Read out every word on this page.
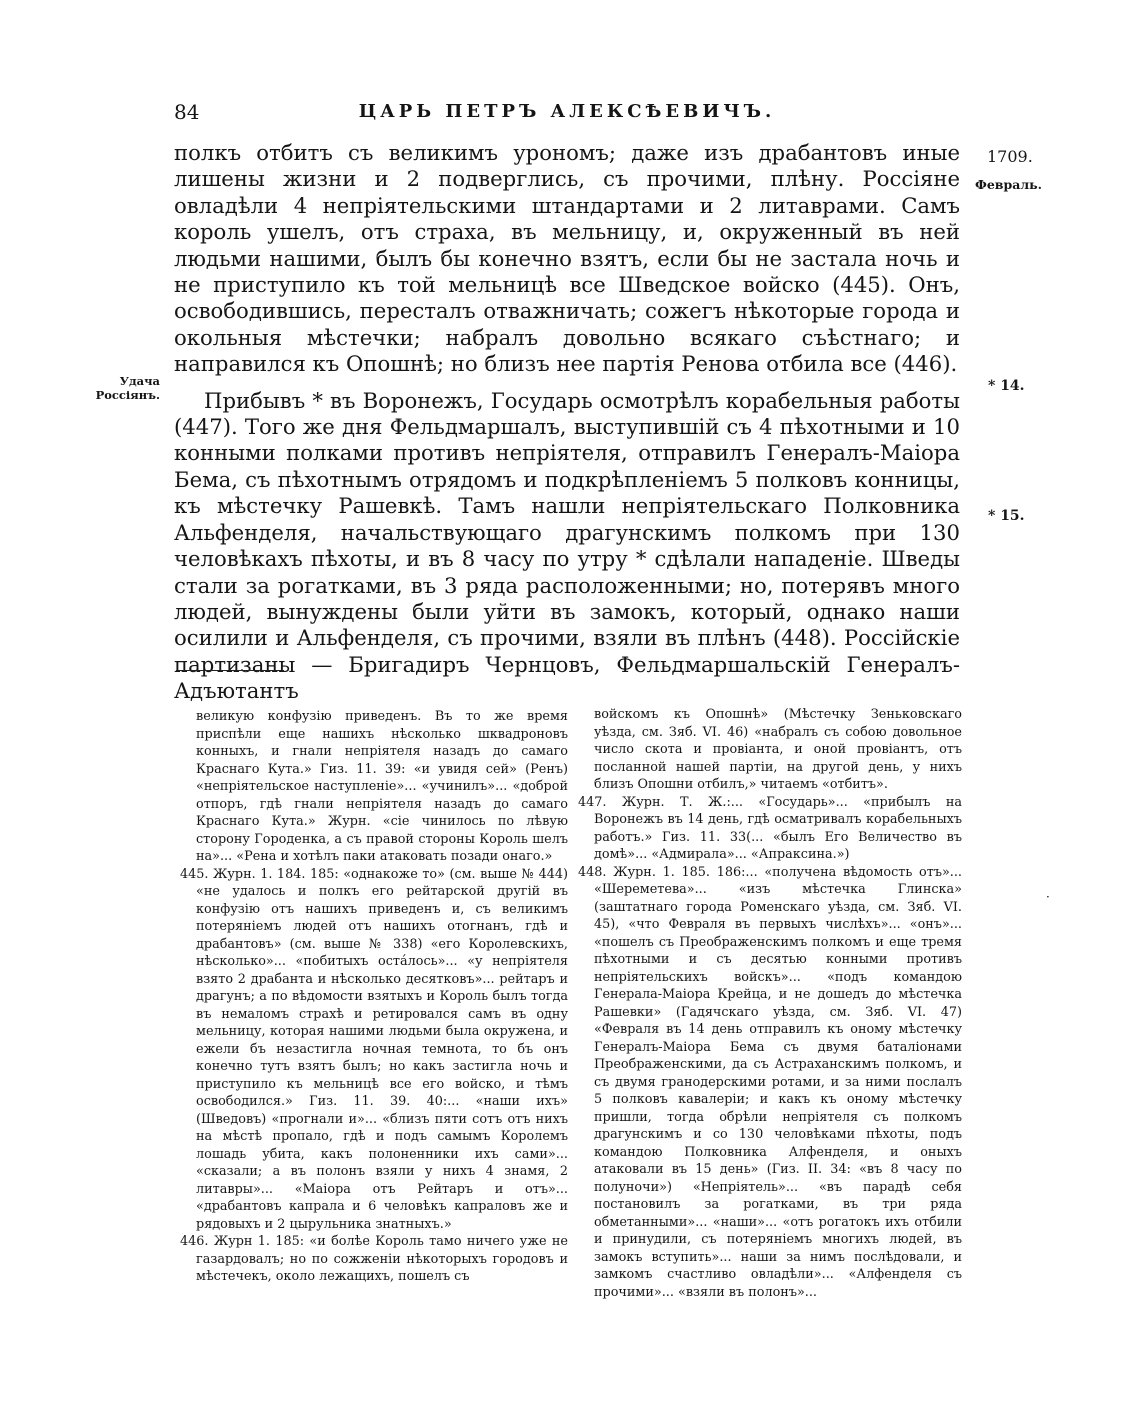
84	ЦАРЬ ПЕТРЪ АЛЕКСѢЕВИЧЪ.
1709.
Февраль.
Удача Россіянъ.
* 14.
* 15.

полкъ отбитъ съ великимъ урономъ; даже изъ драбантовъ иные лишены жизни и 2 подверглись, съ прочими, плѣну. Россіяне овладѣли 4 непріятельскими штандартами и 2 литаврами. Самъ король ушелъ, отъ страха, въ мельницу, и, окруженный въ ней людьми нашими, былъ бы конечно взятъ, если бы не застала ночь и не приступило къ той мельницѣ все Шведское войско (445). Онъ, освободившись, пересталъ отважничать; сожегъ нѣкоторые города и окольныя мѣстечки; набралъ довольно всякаго съѣстнаго; и направился къ Опошнѣ; но близъ нее партія Ренова отбила все (446).

Прибывъ * въ Воронежъ, Государь осмотрѣлъ корабельныя работы (447). Того же дня Фельдмаршалъ, выступившій съ 4 пѣхотными и 10 конными полками противъ непріятеля, отправилъ Генералъ-Маіора Бема, съ пѣхотнымъ отрядомъ и подкрѣпленіемъ 5 полковъ конницы, къ мѣстечку Рашевкѣ. Тамъ нашли непріятельскаго Полковника Альфенделя, начальствующаго драгунскимъ полкомъ при 130 человѣкахъ пѣхоты, и въ 8 часу по утру * сдѣлали нападеніе. Шведы стали за рогатками, въ 3 ряда расположенными; но, потерявъ много людей, вынуждены были уйти въ замокъ, который, однако наши осилили и Альфенделя, съ прочими, взяли въ плѣнъ (448). Россійскіе партизаны — Бригадиръ Чернцовъ, Фельдмаршальскій Генералъ-Адъютантъ

великую конфузію приведенъ. Въ то же время приспѣли еще нашихъ нѣсколько шквадроновъ конныхъ, и гнали непріятеля назадъ до самаго Краснаго Кута.» Гиз. 11. 39: «и увидя сей» (Ренъ) «непріятельское наступленіе»... «учинилъ»... «доброй отпоръ, гдѣ гнали непріятеля назадъ до самаго Краснаго Кута.» Журн. «сіе чинилось по лѣвую сторону Городенка, а съ правой стороны Король шелъ на»... «Рена и хотѣлъ паки атаковать позади онаго.»

445. Журн. 1. 184. 185: «однакоже то» (см. выше № 444) «не удалось и полкъ его рейтарской другій въ конфузію отъ нашихъ приведенъ и, съ великимъ потеряніемъ людей отъ нашихъ отогнанъ, гдѣ и драбантовъ» (см. выше № 338) «его Королевскихъ, нѣсколько»... «побитыхъ остáлось»... «у непріятеля взято 2 драбанта и нѣсколько десятковъ»... рейтаръ и драгунъ; а по вѣдомости взятыхъ и Король былъ тогда въ немаломъ страхѣ и ретировался самъ въ одну мельницу, которая нашими людьми была окружена, и ежели бъ незастигла ночная темнота, то бъ онъ конечно тутъ взятъ былъ; но какъ застигла ночь и приступило къ мельницѣ все его войско, и тѣмъ освободился.» Гиз. 11. 39. 40:... «наши ихъ» (Шведовъ) «прогнали и»... «близъ пяти сотъ отъ нихъ на мѣстѣ пропало, гдѣ и подъ самымъ Королемъ лошадь убита, какъ полоненники ихъ сами»... «сказали; а въ полонъ взяли у нихъ 4 знамя, 2 литавры»... «Маіора отъ Рейтаръ и отъ»... «драбантовъ капрала и 6 человѣкъ капраловъ же и рядовыхъ и 2 цырульника знатныхъ.»

446. Журн 1. 185: «и болѣе Король тамо ничего уже не газардовалъ; но по сожженіи нѣкоторыхъ городовъ и мѣстечекъ, около лежащихъ, пошелъ съ

войскомъ къ Опошнѣ» (Мѣстечку Зеньковскаго уѣзда, см. Зяб. VI. 46) «набралъ съ собою довольное число скота и провіанта, и оной провіантъ, отъ посланной нашей партіи, на другой день, у нихъ близъ Опошни отбилъ,» читаемъ «отбитъ».

447. Журн. Т. Ж.:... «Государь»... «прибылъ на Воронежъ въ 14 день, гдѣ осматривалъ корабельныхъ работъ.» Гиз. 11. 33(... «былъ Его Величество въ домѣ»... «Адмирала»... «Апраксина.»)

448. Журн. 1. 185. 186:... «получена вѣдомость отъ»... «Шереметева»... «изъ мѣстечка Глинска» (заштатнаго города Роменскаго уѣзда, см. Зяб. VI. 45), «что Февраля въ первыхъ числѣхъ»... «онъ»... «пошелъ съ Преображенскимъ полкомъ и еще тремя пѣхотными и съ десятью конными противъ непріятельскихъ войскъ»... «подъ командою Генерала-Маіора Крейца, и не дошедъ до мѣстечка Рашевки» (Гадячскаго уѣзда, см. Зяб. VI. 47) «Февраля въ 14 день отправилъ къ оному мѣстечку Генералъ-Маіора Бема съ двумя баталіонами Преображенскими, да съ Астраханскимъ полкомъ, и съ двумя гранодерскими ротами, и за ними послалъ 5 полковъ кавалеріи; и какъ къ оному мѣстечку пришли, тогда обрѣли непріятеля съ полкомъ драгунскимъ и со 130 человѣками пѣхоты, подъ командою Полковника Алфенделя, и оныхъ атаковали въ 15 день» (Гиз. II. 34: «въ 8 часу по полуночи») «Непріятель»... «въ парадѣ себя постановилъ за рогатками, въ три ряда обметанными»... «наши»... «отъ рогатокъ ихъ отбили и принудили, съ потеряніемъ многихъ людей, въ замокъ вступить»... наши за нимъ послѣдовали, и замкомъ счастливо овладѣли»... «Алфенделя съ прочими»... «взяли въ полонъ»...

·
